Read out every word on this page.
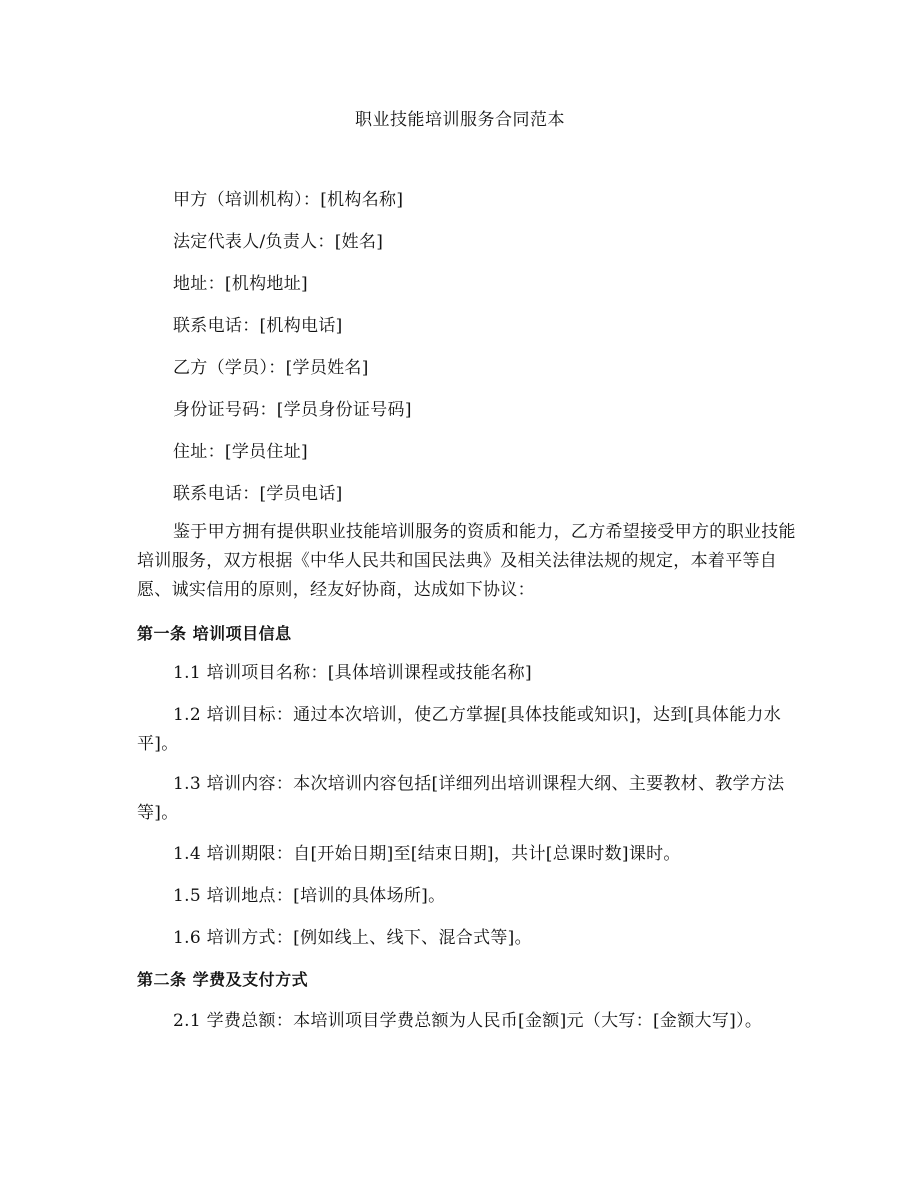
职业技能培训服务合同范本
甲方（培训机构）：[机构名称]
法定代表人/负责人：[姓名]
地址：[机构地址]
联系电话：[机构电话]
乙方（学员）：[学员姓名]
身份证号码：[学员身份证号码]
住址：[学员住址]
联系电话：[学员电话]
鉴于甲方拥有提供职业技能培训服务的资质和能力，乙方希望接受甲方的职业技能培训服务，双方根据《中华人民共和国民法典》及相关法律法规的规定，本着平等自愿、诚实信用的原则，经友好协商，达成如下协议：
第一条 培训项目信息
1.1 培训项目名称：[具体培训课程或技能名称]
1.2 培训目标：通过本次培训，使乙方掌握[具体技能或知识]，达到[具体能力水平]。
1.3 培训内容：本次培训内容包括[详细列出培训课程大纲、主要教材、教学方法等]。
1.4 培训期限：自[开始日期]至[结束日期]，共计[总课时数]课时。
1.5 培训地点：[培训的具体场所]。
1.6 培训方式：[例如线上、线下、混合式等]。
第二条 学费及支付方式
2.1 学费总额：本培训项目学费总额为人民币[金额]元（大写：[金额大写]）。
